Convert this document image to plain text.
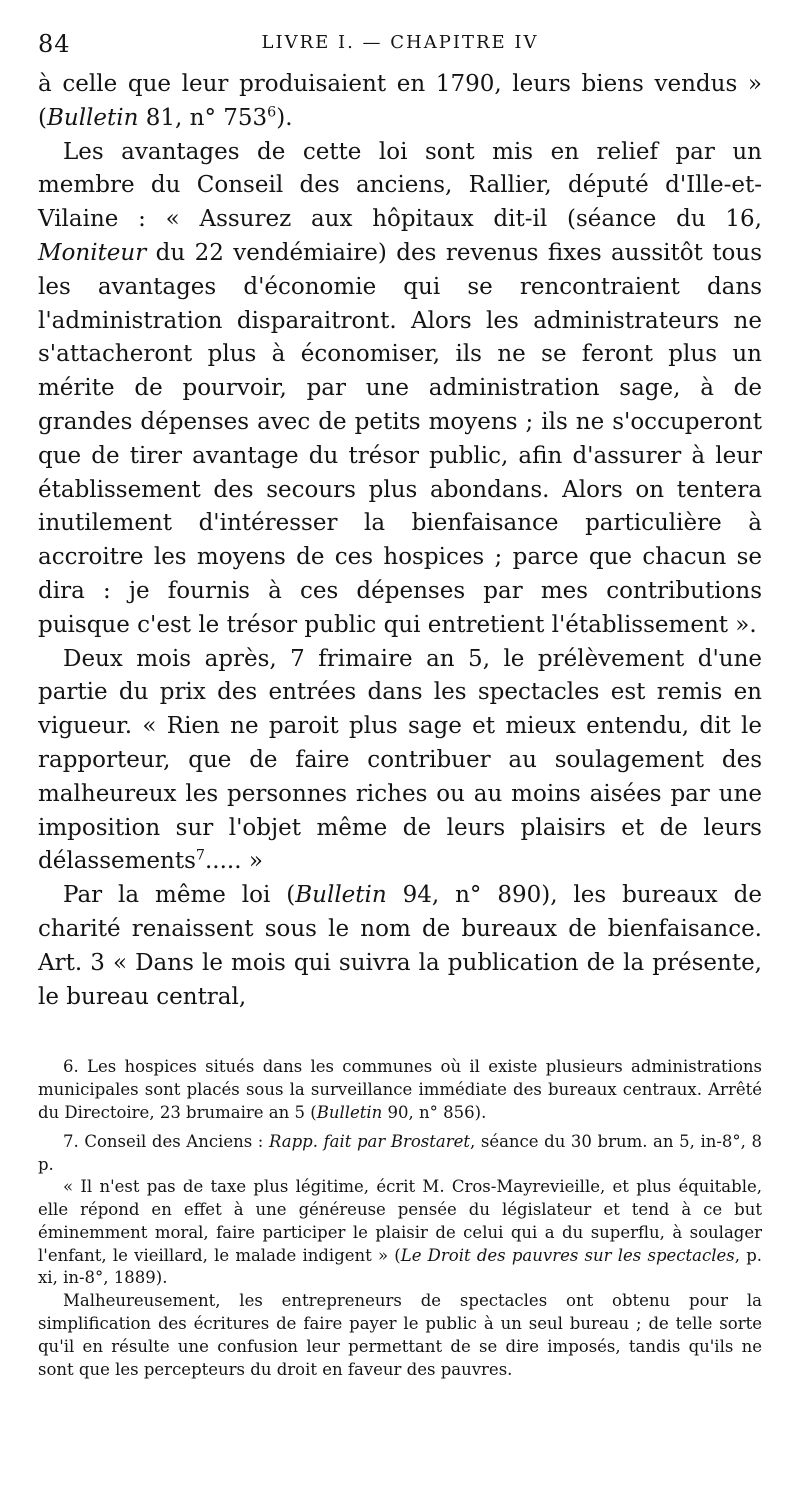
84	LIVRE I. — CHAPITRE IV

à celle que leur produisaient en 1790, leurs biens vendus » (Bulletin 81, n° $753^6$).

Les avantages de cette loi sont mis en relief par un membre du Conseil des anciens, Rallier, député d'Ille-et-Vilaine : « Assurez aux hôpitaux dit-il (séance du 16, Moniteur du 22 vendémiaire) des revenus fixes aussitôt tous les avantages d'économie qui se rencontraient dans l'administration disparaitront. Alors les administrateurs ne s'attacheront plus à économiser, ils ne se feront plus un mérite de pourvoir, par une administration sage, à de grandes dépenses avec de petits moyens ; ils ne s'occuperont que de tirer avantage du trésor public, afin d'assurer à leur établissement des secours plus abondans. Alors on tentera inutilement d'intéresser la bienfaisance particulière à accroitre les moyens de ces hospices ; parce que chacun se dira : je fournis à ces dépenses par mes contributions puisque c'est le trésor public qui entretient l'établissement ».

Deux mois après, 7 frimaire an 5, le prélèvement d'une partie du prix des entrées dans les spectacles est remis en vigueur. « Rien ne paroit plus sage et mieux entendu, dit le rapporteur, que de faire contribuer au soulagement des malheureux les personnes riches ou au moins aisées par une imposition sur l'objet même de leurs plaisirs et de leurs délassements$^7$..... »

Par la même loi (Bulletin 94, n° 890), les bureaux de charité renaissent sous le nom de bureaux de bienfaisance. Art. 3 « Dans le mois qui suivra la publication de la présente, le bureau central,

6. Les hospices situés dans les communes où il existe plusieurs administrations municipales sont placés sous la surveillance immédiate des bureaux centraux. Arrêté du Directoire, 23 brumaire an 5 (Bulletin 90, n° 856).

7. Conseil des Anciens : Rapp. fait par Brostaret, séance du 30 brum. an 5, in-8°, 8 p.

« Il n'est pas de taxe plus légitime, écrit M. Cros-Mayrevieille, et plus équitable, elle répond en effet à une généreuse pensée du législateur et tend à ce but éminemment moral, faire participer le plaisir de celui qui a du superflu, à soulager l'enfant, le vieillard, le malade indigent » (Le Droit des pauvres sur les spectacles, p. xi, in-8°, 1889).

Malheureusement, les entrepreneurs de spectacles ont obtenu pour la simplification des écritures de faire payer le public à un seul bureau ; de telle sorte qu'il en résulte une confusion leur permettant de se dire imposés, tandis qu'ils ne sont que les percepteurs du droit en faveur des pauvres.
